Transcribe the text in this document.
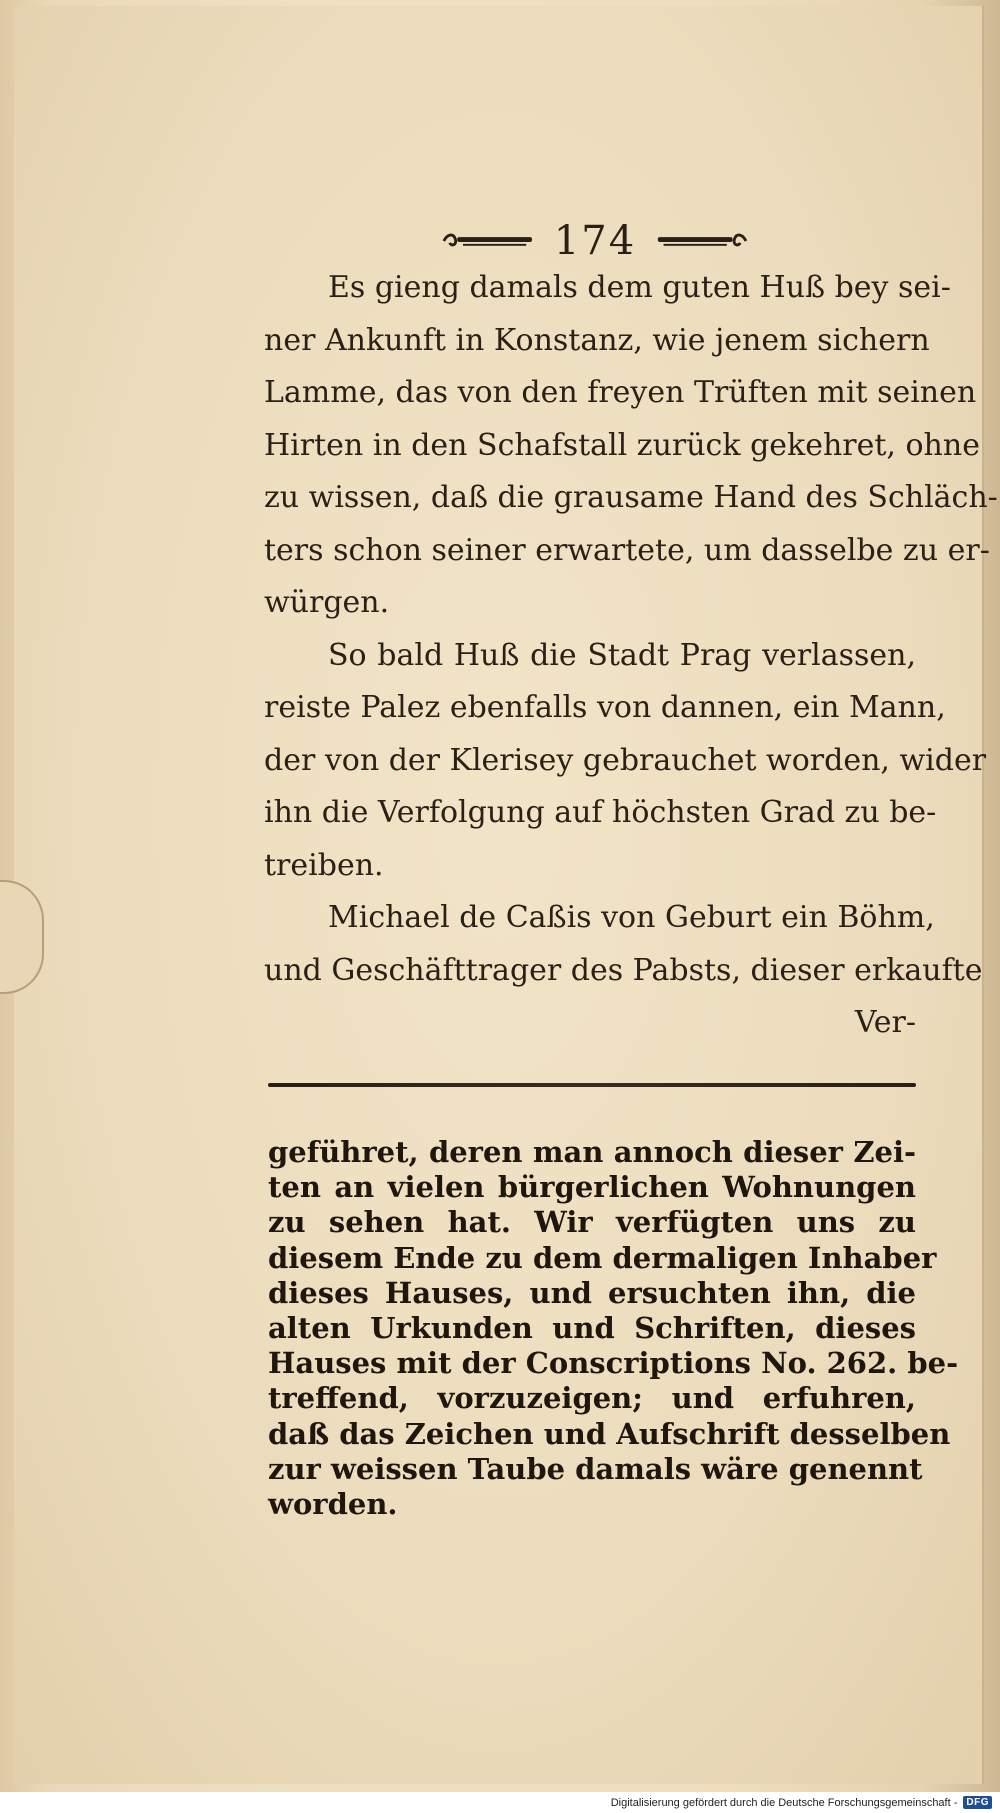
174
Es gieng damals dem guten Huß bey sei-
ner Ankunft in Konstanz, wie jenem sichern
Lamme, das von den freyen Trüften mit seinen
Hirten in den Schafstall zurück gekehret, ohne
zu wissen, daß die grausame Hand des Schläch-
ters schon seiner erwartete, um dasselbe zu er-
würgen.
So bald Huß die Stadt Prag verlassen,
reiste Palez ebenfalls von dannen, ein Mann,
der von der Klerisey gebrauchet worden, wider
ihn die Verfolgung auf höchsten Grad zu be-
treiben.
Michael de Caßis von Geburt ein Böhm,
und Geschäfttrager des Pabsts, dieser erkaufte
Ver-
geführet, deren man annoch dieser Zei-
ten an vielen bürgerlichen Wohnungen
zu sehen hat. Wir verfügten uns zu
diesem Ende zu dem dermaligen Inhaber
dieses Hauses, und ersuchten ihn, die
alten Urkunden und Schriften, dieses
Hauses mit der Conscriptions No. 262. be-
treffend, vorzuzeigen; und erfuhren,
daß das Zeichen und Aufschrift desselben
zur weissen Taube damals wäre genennt
worden.
Digitalisierung gefördert durch die Deutsche Forschungsgemeinschaft - DFG
